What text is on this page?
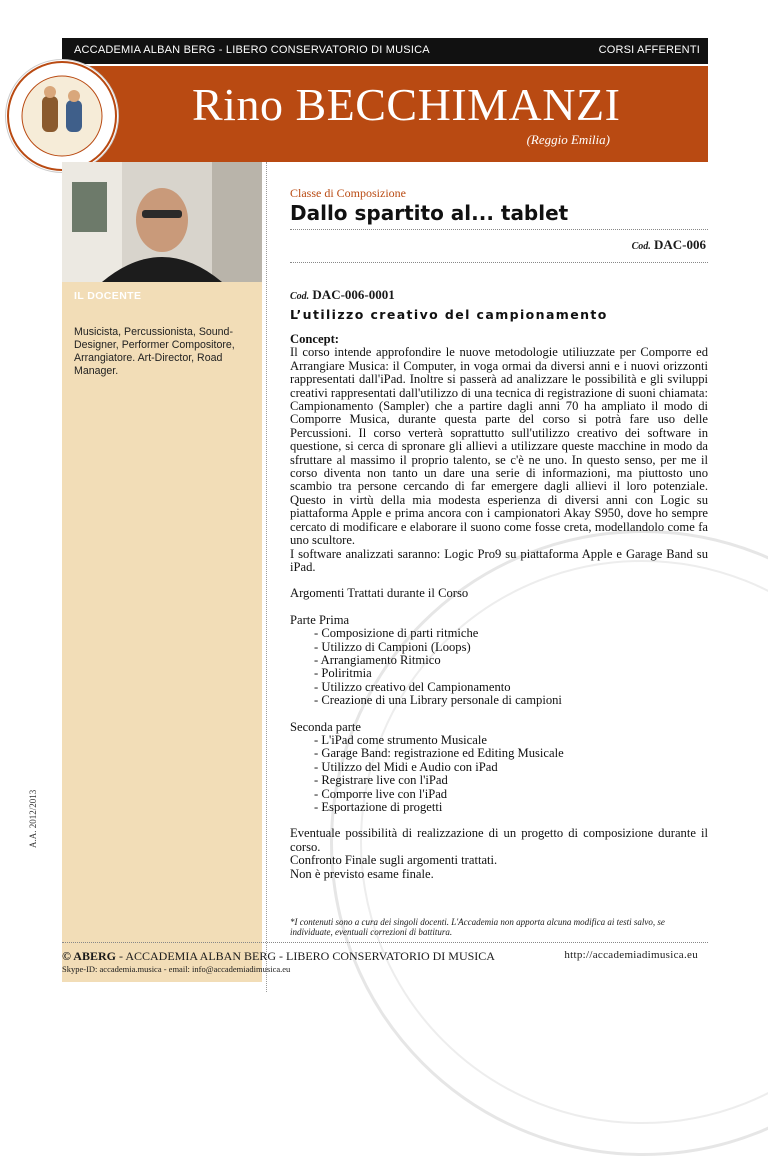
ACCADEMIA ALBAN BERG - LIBERO CONSERVATORIO DI MUSICA	CORSI AFFERENTI
Rino BECCHIMANZI
(Reggio Emilia)
IL DOCENTE
Musicista, Percussionista, Sound-Designer, Performer Compositore, Arrangiatore. Art-Director, Road Manager.
A.A. 2012/2013
Classe di Composizione
Dallo spartito al... tablet
Cod. DAC-006
Cod. DAC-006-0001
L’utilizzo creativo del campionamento

Concept:

Il corso intende approfondire le nuove metodologie utiliuzzate per Comporre ed Arrangiare Musica: il Computer, in voga ormai da diversi anni e i nuovi orizzonti rappresentati dall'iPad. Inoltre si passerà ad analizzare le possibilità e gli sviluppi creativi rappresentati dall'utilizzo di una tecnica di registrazione di suoni chiamata: Campionamento (Sampler) che a partire dagli anni 70 ha ampliato il modo di Comporre Musica, durante questa parte del corso si potrà fare uso delle Percussioni. Il corso verterà soprattutto sull'utilizzo creativo dei software in questione, si cerca di spronare gli allievi a utilizzare queste macchine in modo da sfruttare al massimo il proprio talento, se c'è ne uno. In questo senso, per me il corso diventa non tanto un dare una serie di informazioni, ma piuttosto uno scambio tra persone cercando di far emergere dagli allievi il loro potenziale. Questo in virtù della mia modesta esperienza di diversi anni con Logic su piattaforma Apple e prima ancora con i campionatori Akay S950, dove ho sempre cercato di modificare e elaborare il suono come fosse creta, modellandolo come fa uno scultore.

I software analizzati saranno: Logic Pro9 su piattaforma Apple e Garage Band su iPad.

Argomenti Trattati durante il Corso

Parte Prima
- Composizione di parti ritmiche
- Utilizzo di Campioni (Loops)
- Arrangiamento Ritmico
- Poliritmia
- Utilizzo creativo del Campionamento
- Creazione di una Library personale di campioni
Seconda parte
- L'iPad come strumento Musicale
- Garage Band: registrazione ed Editing Musicale
- Utilizzo del Midi e Audio con iPad
- Registrare live con l'iPad
- Comporre live con l'iPad
- Esportazione di progetti
Eventuale possibilità di realizzazione di un progetto di composizione durante il corso.
Confronto Finale sugli argomenti trattati.
Non è previsto esame finale.
*I contenuti sono a cura dei singoli docenti. L'Accademia non apporta alcuna modifica ai testi salvo, se individuate, eventuali correzioni di battitura.
© ABERG - ACCADEMIA ALBAN BERG - LIBERO CONSERVATORIO DI MUSICA
Skype-ID: accademia.musica - email: info@accademiadimusica.eu
http://accademiadimusica.eu
